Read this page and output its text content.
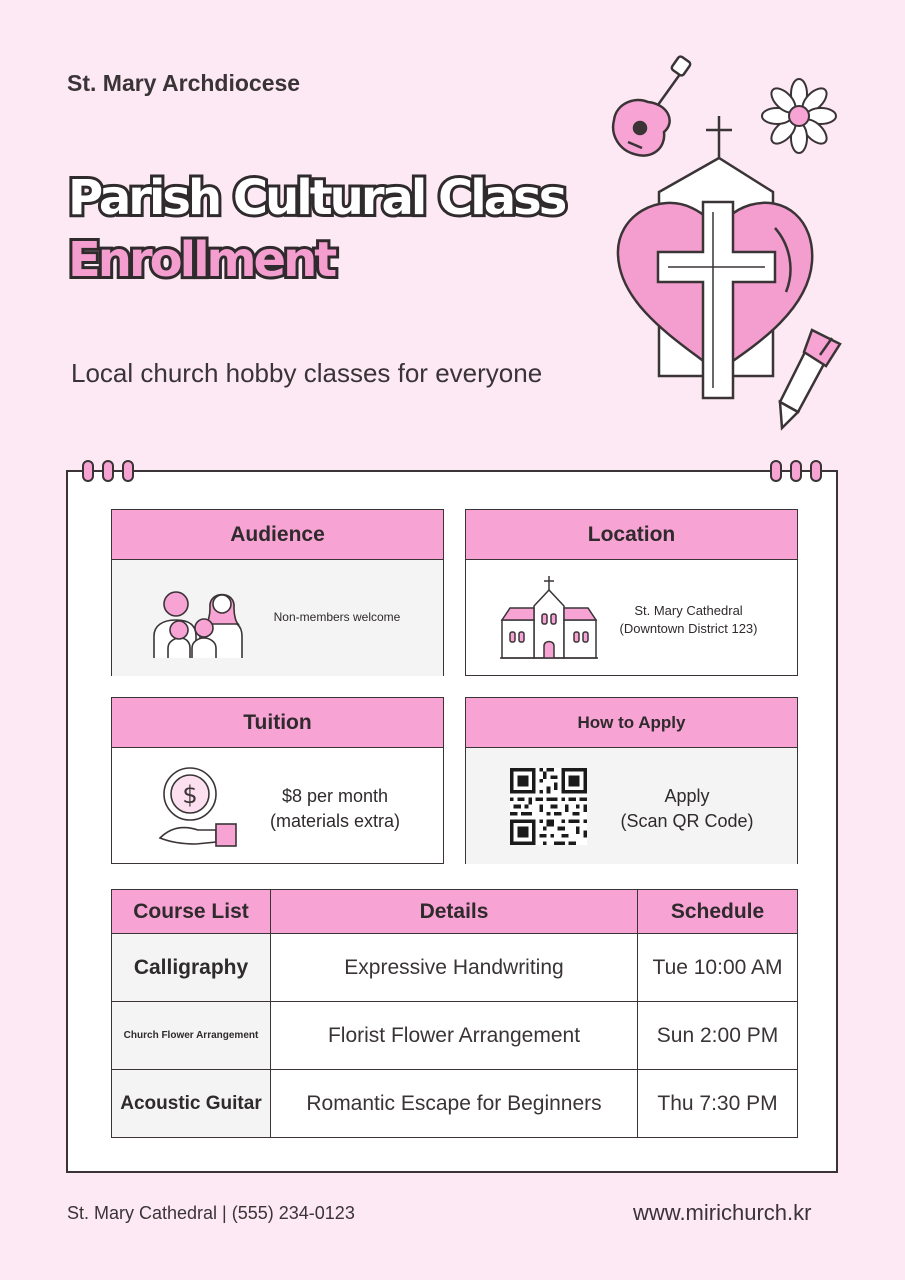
St. Mary Archdiocese
Parish Cultural Class
Enrollment
Local church hobby classes for everyone
Audience
Non-members welcome
Location
St. Mary Cathedral
(Downtown District 123)
Tuition
$	$8 per month
(materials extra)
How to Apply
Apply
(Scan QR Code)
Course List	Details	Schedule
Calligraphy	Expressive Handwriting	Tue 10:00 AM
Church Flower Arrangement	Florist Flower Arrangement	Sun 2:00 PM
Acoustic Guitar	Romantic Escape for Beginners	Thu 7:30 PM
St. Mary Cathedral | (555) 234-0123	www.mirichurch.kr
